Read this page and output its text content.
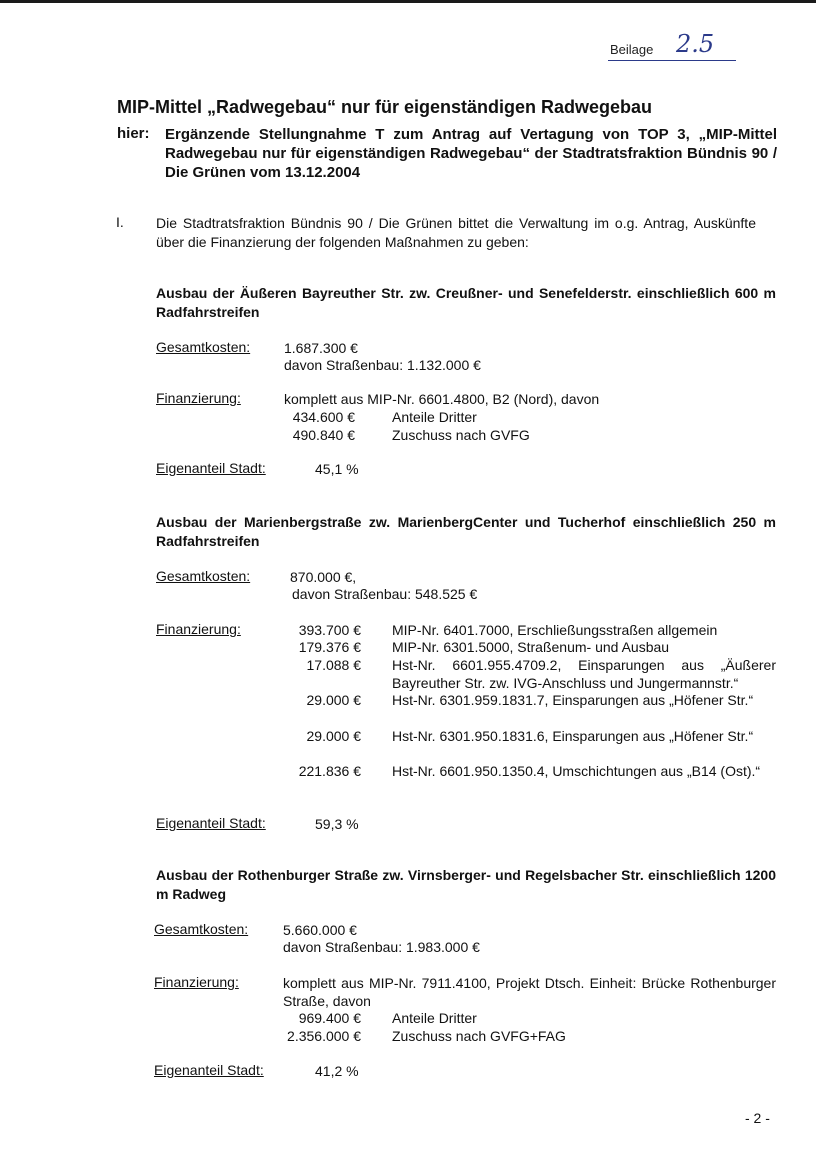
Beilage 2.5
MIP-Mittel „Radwegebau“ nur für eigenständigen Radwegebau
hier: Ergänzende Stellungnahme T zum Antrag auf Vertagung von TOP 3, „MIP-Mittel Radwegebau nur für eigenständigen Radwegebau“ der Stadtratsfraktion Bündnis 90 / Die Grünen vom 13.12.2004
I. Die Stadtratsfraktion Bündnis 90 / Die Grünen bittet die Verwaltung im o.g. Antrag, Auskünfte über die Finanzierung der folgenden Maßnahmen zu geben:
Ausbau der Äußeren Bayreuther Str. zw. Creußner- und Senefelderstr. einschließlich 600 m Radfahrstreifen
Gesamtkosten: 1.687.300 €
davon Straßenbau: 1.132.000 €
Finanzierung:	komplett aus MIP-Nr. 6601.4800, B2 (Nord), davon
434.600 €	Anteile Dritter
490.840 €	Zuschuss nach GVFG
Eigenanteil Stadt:	45,1 %
Ausbau der Marienbergstraße zw. MarienbergCenter und Tucherhof einschließlich 250 m Radfahrstreifen
Gesamtkosten:	870.000 €,
davon Straßenbau: 548.525 €
Finanzierung:	393.700 € MIP-Nr. 6401.7000, Erschließungsstraßen allgemein
179.376 € MIP-Nr. 6301.5000, Straßenum- und Ausbau
17.088 € Hst-Nr. 6601.955.4709.2, Einsparungen aus „Äußerer Bayreuther Str. zw. IVG-Anschluss und Jungermannstr.“
29.000 € Hst-Nr. 6301.959.1831.7, Einsparungen aus „Höfener Str.“
29.000 € Hst-Nr. 6301.950.1831.6, Einsparungen aus „Höfener Str.“
221.836 € Hst-Nr. 6601.950.1350.4, Umschichtungen aus „B14 (Ost).“
Eigenanteil Stadt:	59,3 %
Ausbau der Rothenburger Straße zw. Virnsberger- und Regelsbacher Str. einschließlich 1200 m Radweg
Gesamtkosten: 5.660.000 €
davon Straßenbau: 1.983.000 €
Finanzierung:	komplett aus MIP-Nr. 7911.4100, Projekt Dtsch. Einheit: Brücke Rothenburger Straße, davon
969.400 € Anteile Dritter
2.356.000 € Zuschuss nach GVFG+FAG
Eigenanteil Stadt:	41,2 %
- 2 -
